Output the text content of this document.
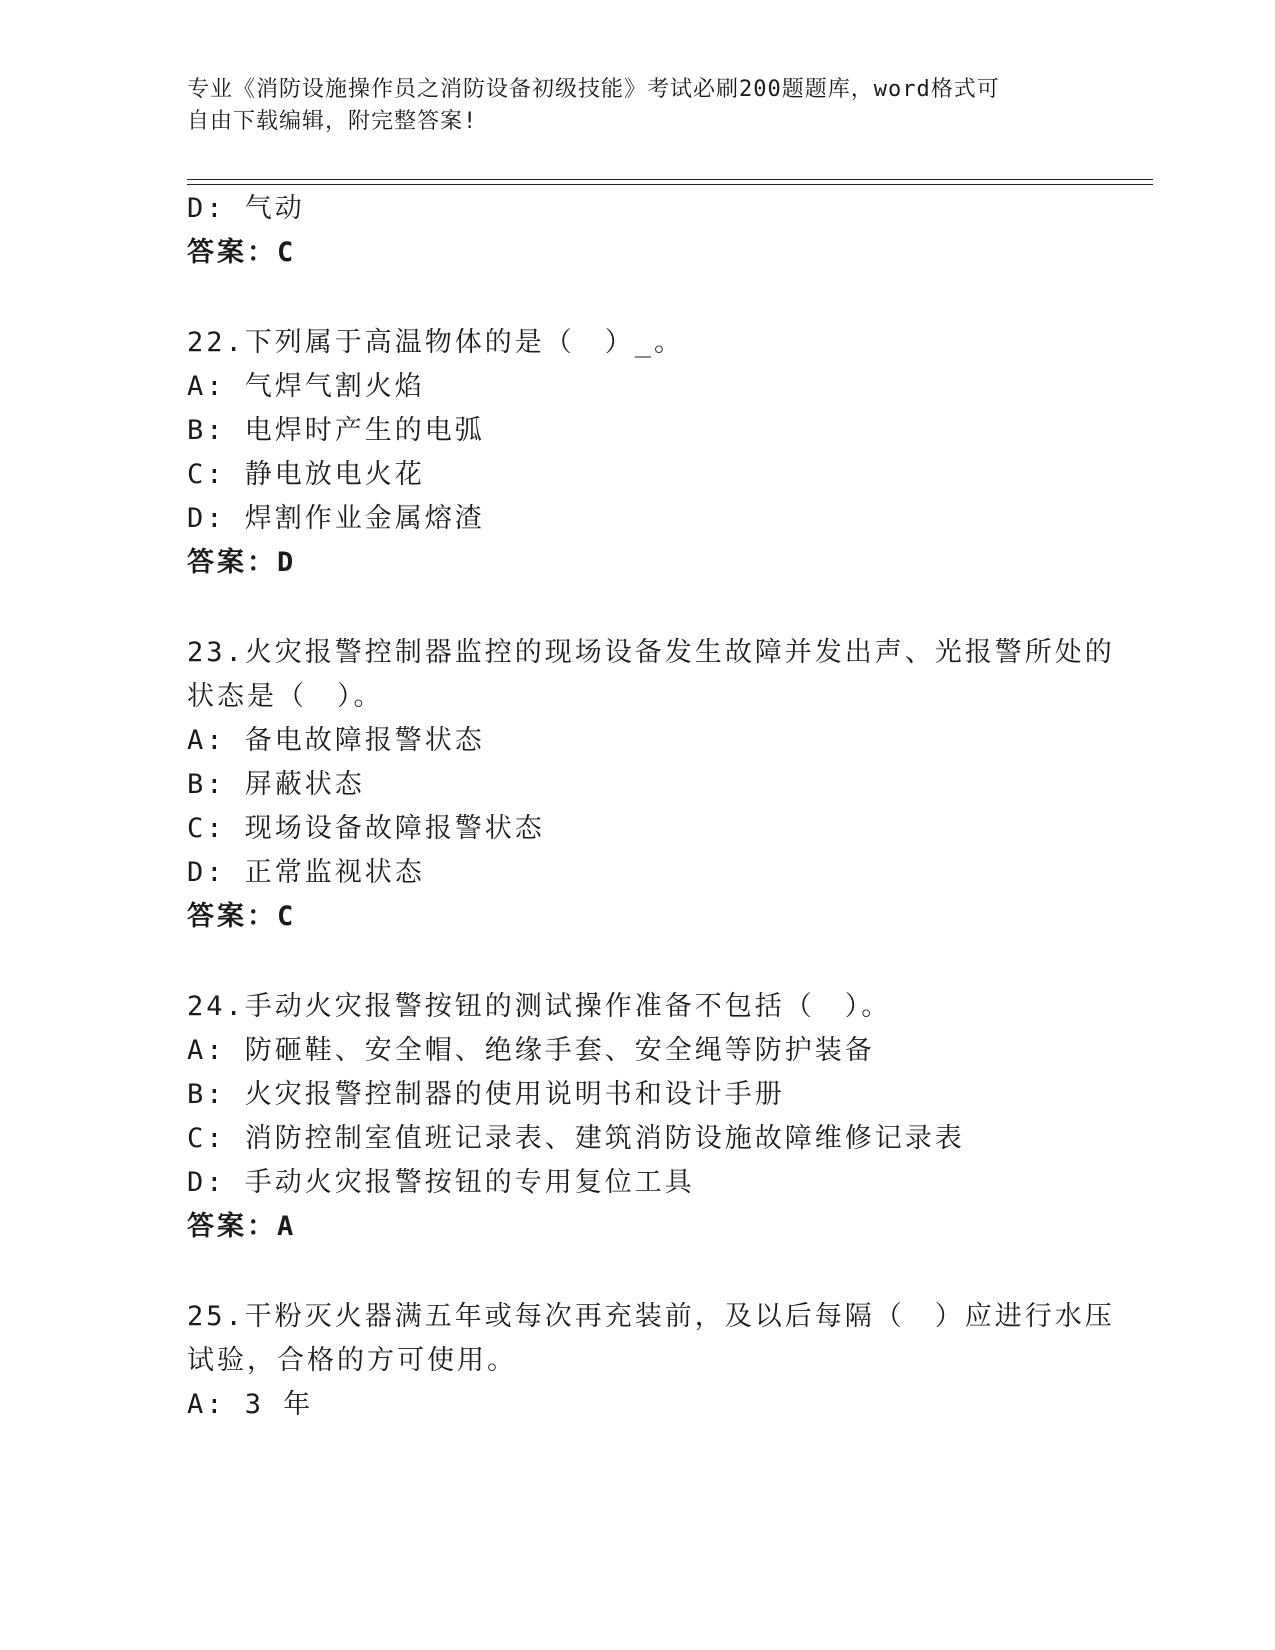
专业《消防设施操作员之消防设备初级技能》考试必刷200题题库，word格式可
自由下载编辑，附完整答案!
D: 气动
答案：C
22.下列属于高温物体的是（　）_。
A: 气焊气割火焰
B: 电焊时产生的电弧
C: 静电放电火花
D: 焊割作业金属熔渣
答案：D
23.火灾报警控制器监控的现场设备发生故障并发出声、光报警所处的
状态是（　）。
A: 备电故障报警状态
B: 屏蔽状态
C: 现场设备故障报警状态
D: 正常监视状态
答案：C
24.手动火灾报警按钮的测试操作准备不包括（　）。
A: 防砸鞋、安全帽、绝缘手套、安全绳等防护装备
B: 火灾报警控制器的使用说明书和设计手册
C: 消防控制室值班记录表、建筑消防设施故障维修记录表
D: 手动火灾报警按钮的专用复位工具
答案：A
25.干粉灭火器满五年或每次再充装前，及以后每隔（　）应进行水压
试验，合格的方可使用。
A: 3 年
